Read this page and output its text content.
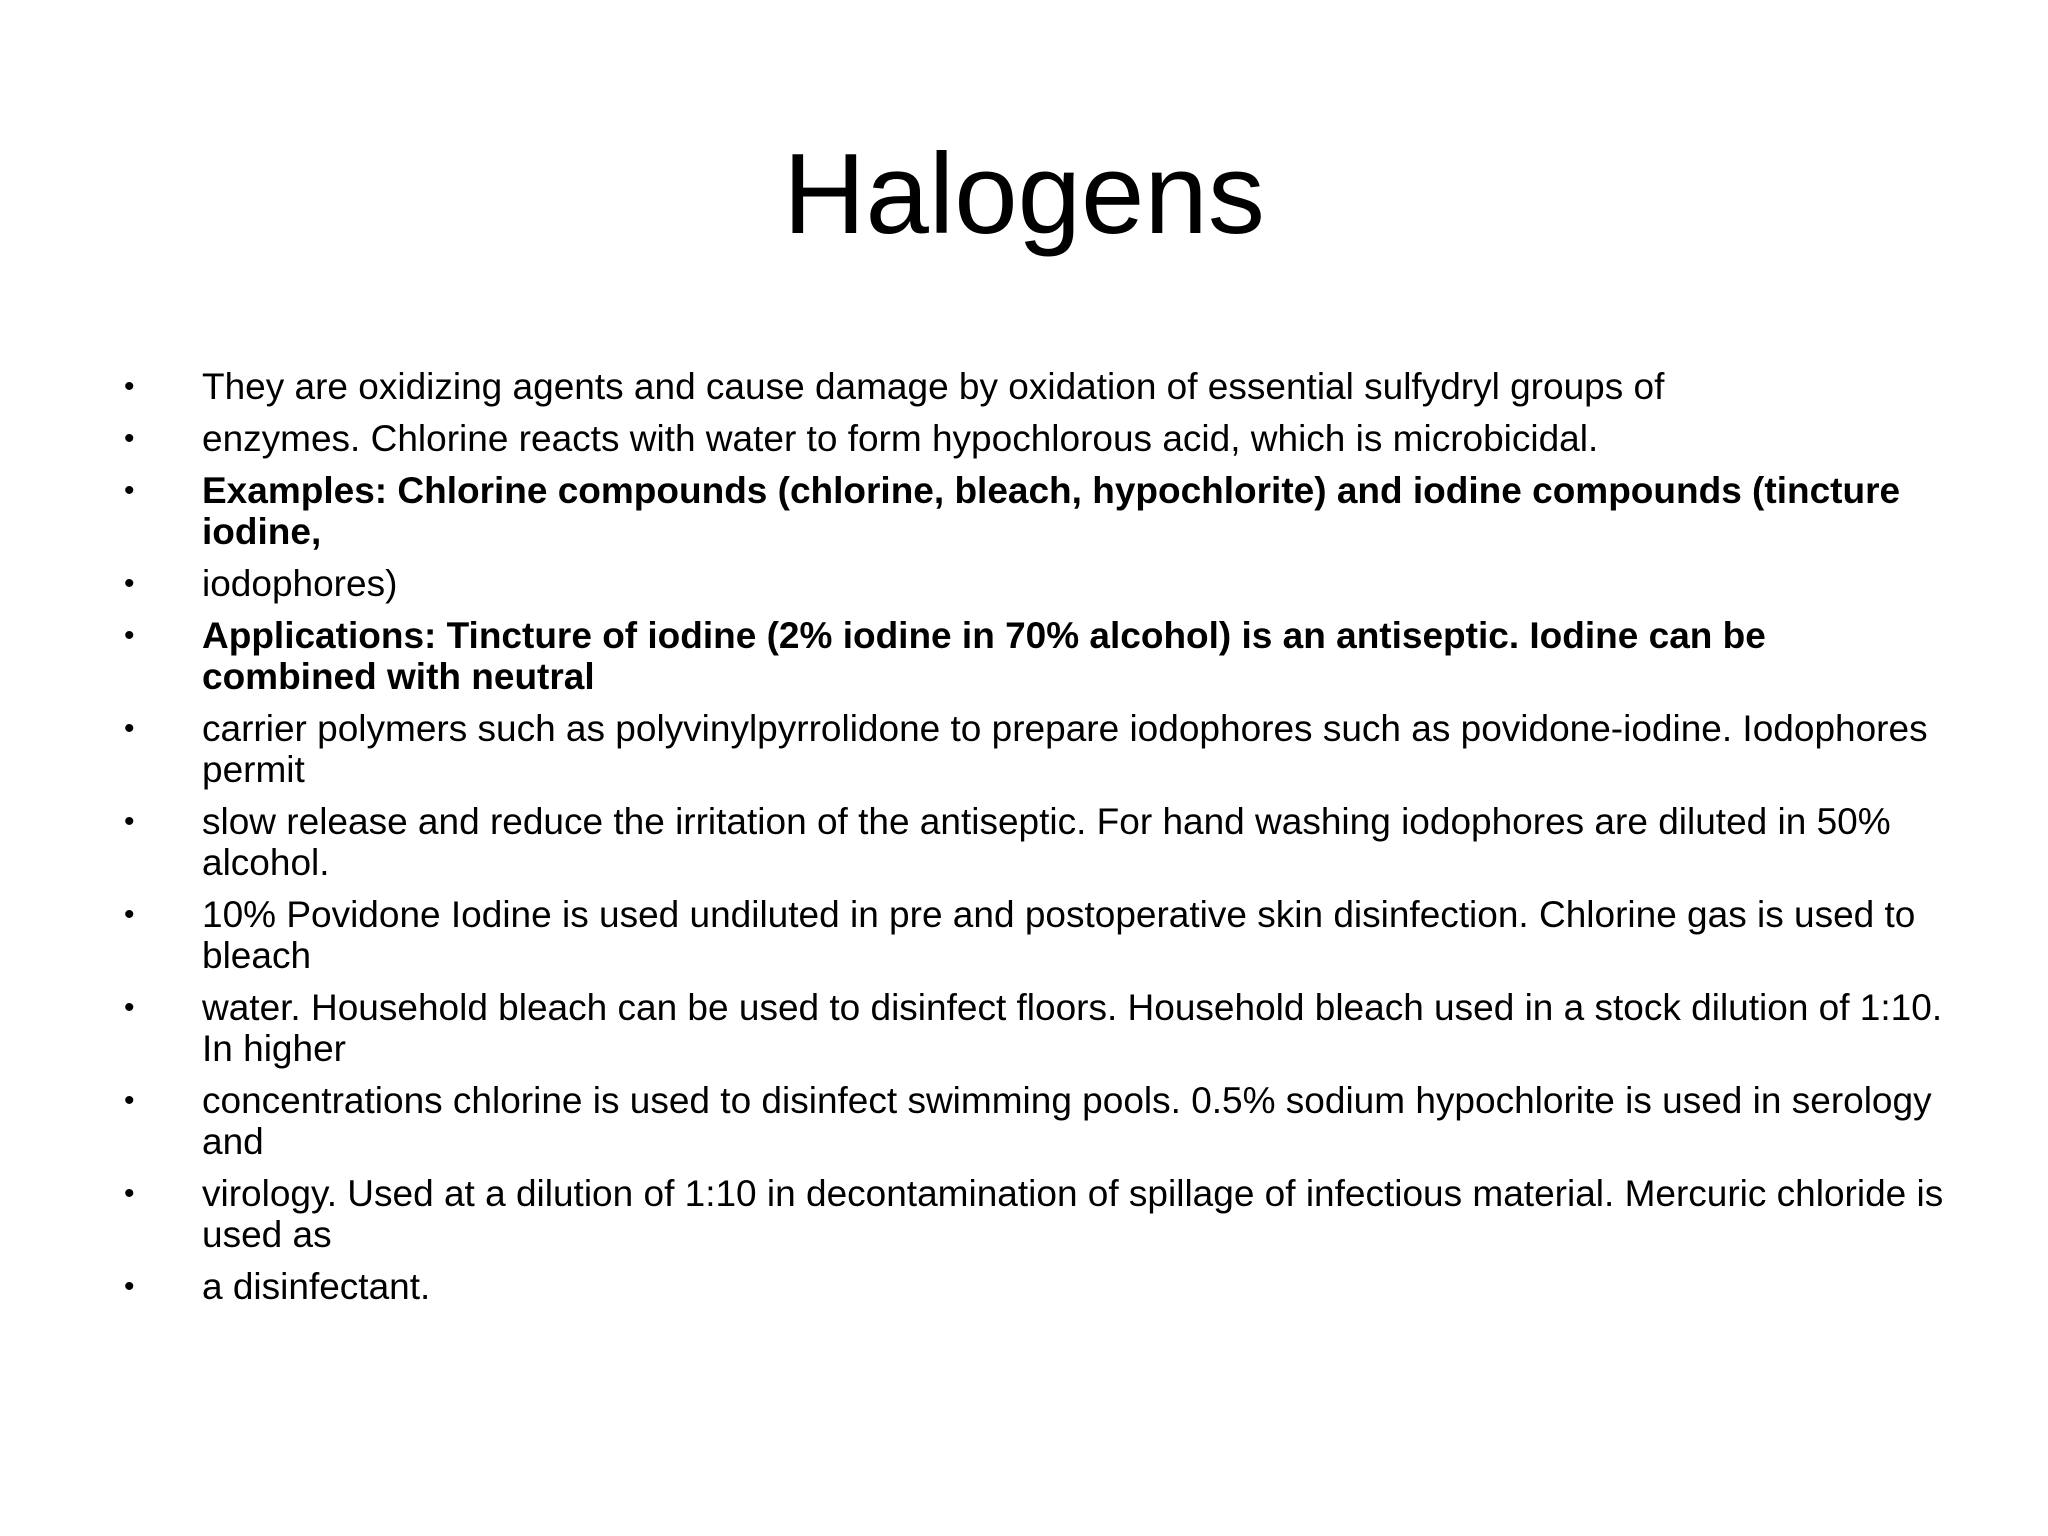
Halogens
•	They are oxidizing agents and cause damage by oxidation of essential sulfydryl groups of
•	enzymes. Chlorine reacts with water to form hypochlorous acid, which is microbicidal.
•	Examples: Chlorine compounds (chlorine, bleach, hypochlorite) and iodine compounds (tincture iodine,
•	iodophores)
•	Applications: Tincture of iodine (2% iodine in 70% alcohol) is an antiseptic. Iodine can be combined with neutral
•	carrier polymers such as polyvinylpyrrolidone to prepare iodophores such as povidone-iodine. Iodophores permit
•	slow release and reduce the irritation of the antiseptic. For hand washing iodophores are diluted in 50% alcohol.
•	10% Povidone Iodine is used undiluted in pre and postoperative skin disinfection. Chlorine gas is used to bleach
•	water. Household bleach can be used to disinfect floors. Household bleach used in a stock dilution of 1:10. In higher
•	concentrations chlorine is used to disinfect swimming pools. 0.5% sodium hypochlorite is used in serology and
•	virology. Used at a dilution of 1:10 in decontamination of spillage of infectious material. Mercuric chloride is used as
•	a disinfectant.
